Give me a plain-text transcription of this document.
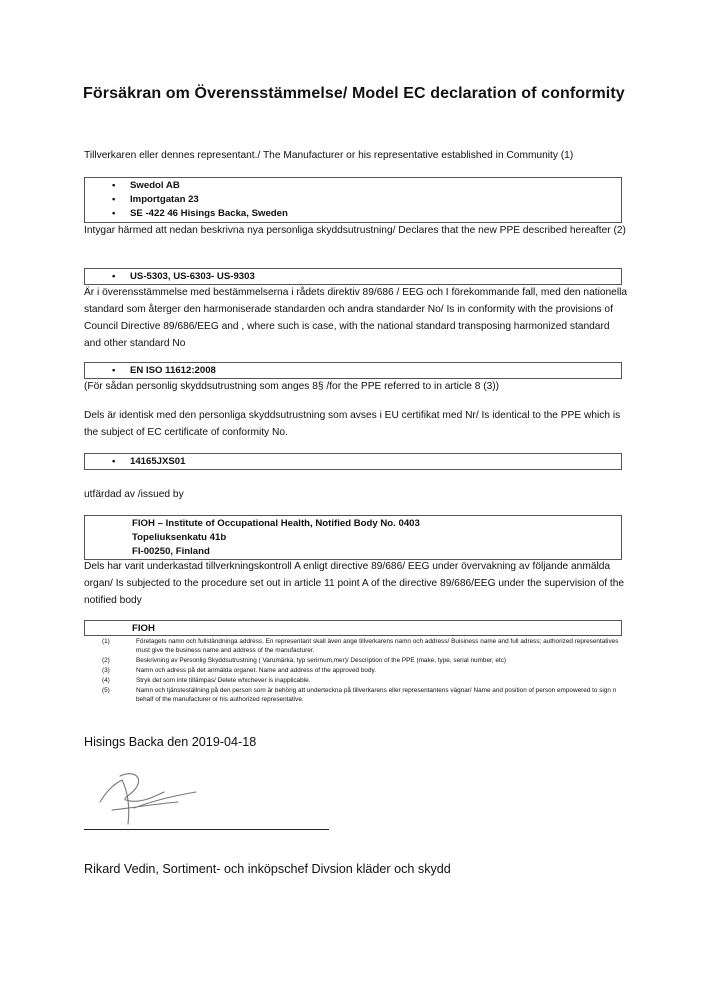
Försäkran om Överensstämmelse/ Model EC declaration of conformity
Tillverkaren eller dennes representant./ The Manufacturer or his representative established in Community (1)
• Swedol AB
• Importgatan 23
• SE -422 46 Hisings Backa, Sweden
Intygar härmed att nedan beskrivna nya personliga skyddsutrustning/ Declares that the new PPE described hereafter (2)
• US-5303, US-6303- US-9303
Är i överensstämmelse med bestämmelserna i rådets direktiv 89/686 / EEG och I förekommande fall, med den nationella standard som återger den harmoniserade standarden och andra standarder No/ Is in conformity with the provisions of Council Directive 89/686/EEG and , where such is case, with the national standard transposing harmonized standard and other standard No
• EN ISO 11612:2008
(För sådan personlig skyddsutrustning som anges 8§ /for the PPE referred to in article 8 (3))
Dels är identisk med den personliga skyddsutrustning som avses i EU certifikat med Nr/ Is identical to the PPE which is the subject of EC certificate of conformity No.
• 14165JXS01
utfärdad av /issued by
FIOH – Institute of Occupational Health, Notified Body No. 0403
Topeliuksenkatu 41b
FI-00250, Finland
Dels har varit underkastad tillverkningskontroll A enligt directive 89/686/ EEG under övervakning av följande anmälda organ/ Is subjected to the procedure set out in article 11 point A of the directive 89/686/EEG under the supervision of the notified body
FIOH
(1)	Företagets namn och fullständninga address. En representant skall även ange tillverkarens namn och address/ Buisiness name and full adress; authorized representatives must give the business name and address of the manufacturer.
(2)	Beskrivning av Personlig Skyddsutrustning ( Varumärka, typ serirnum,mer)/ Description of the PPE (make, type, serial number, etc)
(3)	Namn och adress på det anmälda organet. Name and address of the approved body.
(4)	Stryk det som inte tillämpas/ Delete whichever is inapplicable.
(5)	Namn och tjänsteställning på den person som är behörig att underteckna på tillverkarens eller representantens vägnar/ Name and position of person empowered to sign n behalf of the manufacturer or his authorized representative.
Hisings Backa den 2019-04-18
Rikard Vedin, Sortiment- och inköpschef Divsion kläder och skydd
